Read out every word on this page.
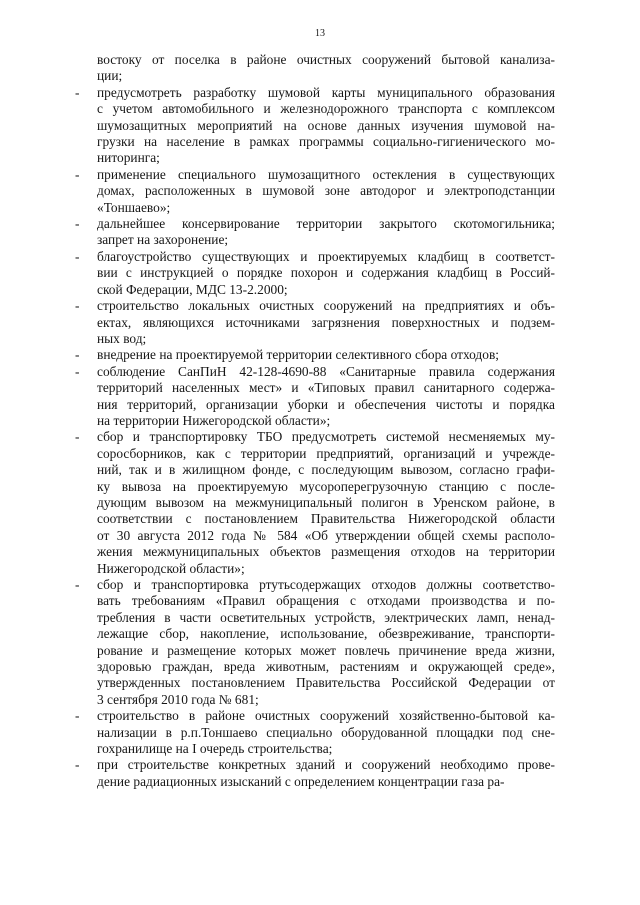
13
востоку от поселка в районе очистных сооружений бытовой канализа-
ции;
- предусмотреть разработку шумовой карты муниципального образования
с учетом автомобильного и железнодорожного транспорта с комплексом
шумозащитных мероприятий на основе данных изучения шумовой на-
грузки на население в рамках программы социально-гигиенического мо-
ниторинга;
- применение специального шумозащитного остекления в существующих
домах, расположенных в шумовой зоне автодорог и электроподстанции
«Тоншаево»;
- дальнейшее консервирование территории закрытого скотомогильника;
запрет на захоронение;
- благоустройство существующих и проектируемых кладбищ в соответст-
вии с инструкцией о порядке похорон и содержания кладбищ в Россий-
ской Федерации, МДС 13-2.2000;
- строительство локальных очистных сооружений на предприятиях и объ-
ектах, являющихся источниками загрязнения поверхностных и подзем-
ных вод;
- внедрение на проектируемой территории селективного сбора отходов;
- соблюдение СанПиН 42-128-4690-88 «Санитарные правила содержания
территорий населенных мест» и «Типовых правил санитарного содержа-
ния территорий, организации уборки и обеспечения чистоты и порядка
на территории Нижегородской области»;
- сбор и транспортировку ТБО предусмотреть системой несменяемых му-
соросборников, как с территории предприятий, организаций и учрежде-
ний, так и в жилищном фонде, с последующим вывозом, согласно графи-
ку вывоза на проектируемую мусороперегрузочную станцию с после-
дующим вывозом на межмуниципальный полигон в Уренском районе, в
соответствии с постановлением Правительства Нижегородской области
от 30 августа 2012 года № 584 «Об утверждении общей схемы располо-
жения межмуниципальных объектов размещения отходов на территории
Нижегородской области»;
- сбор и транспортировка ртутьсодержащих отходов должны соответство-
вать требованиям «Правил обращения с отходами производства и по-
требления в части осветительных устройств, электрических ламп, ненад-
лежащие сбор, накопление, использование, обезвреживание, транспорти-
рование и размещение которых может повлечь причинение вреда жизни,
здоровью граждан, вреда животным, растениям и окружающей среде»,
утвержденных постановлением Правительства Российской Федерации от
3 сентября 2010 года № 681;
- строительство в районе очистных сооружений хозяйственно-бытовой ка-
нализации в р.п.Тоншаево специально оборудованной площадки под сне-
гохранилище на I очередь строительства;
- при строительстве конкретных зданий и сооружений необходимо прове-
дение радиационных изысканий с определением концентрации газа ра-
